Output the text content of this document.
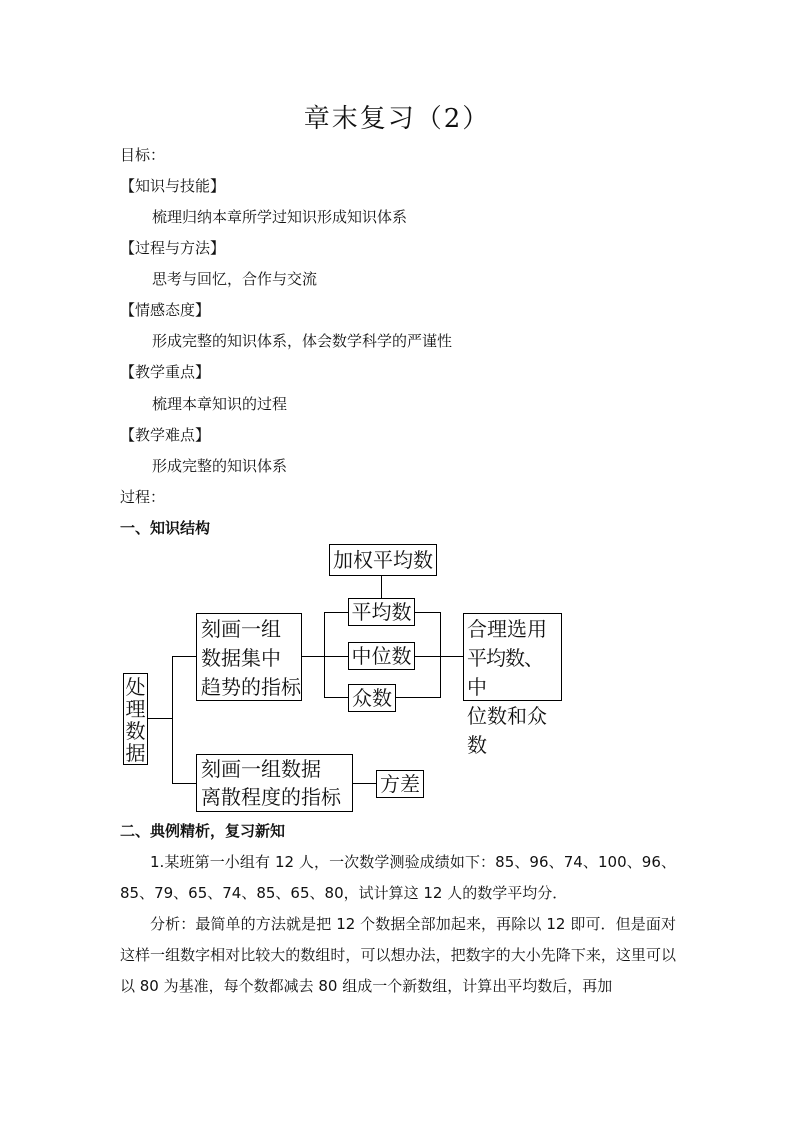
章末复习（2）
目标：
【知识与技能】
梳理归纳本章所学过知识形成知识体系
【过程与方法】
思考与回忆，合作与交流
【情感态度】
形成完整的知识体系，体会数学科学的严谨性
【教学重点】
梳理本章知识的过程
【教学难点】
形成完整的知识体系
过程：
一、知识结构
加权平均数
平均数
中位数
众数
刻画一组
数据集中
趋势的指标
合理选用
平均数、中
位数和众数
处
理
数
据
刻画一组数据
离散程度的指标
方差
二、典例精析，复习新知
1.某班第一小组有 12 人，一次数学测验成绩如下：85、96、74、100、96、85、79、65、74、85、65、80，试计算这 12 人的数学平均分．
分析：最简单的方法就是把 12 个数据全部加起来，再除以 12 即可．但是面对这样一组数字相对比较大的数组时，可以想办法，把数字的大小先降下来，这里可以以 80 为基准，每个数都减去 80 组成一个新数组，计算出平均数后，再加
